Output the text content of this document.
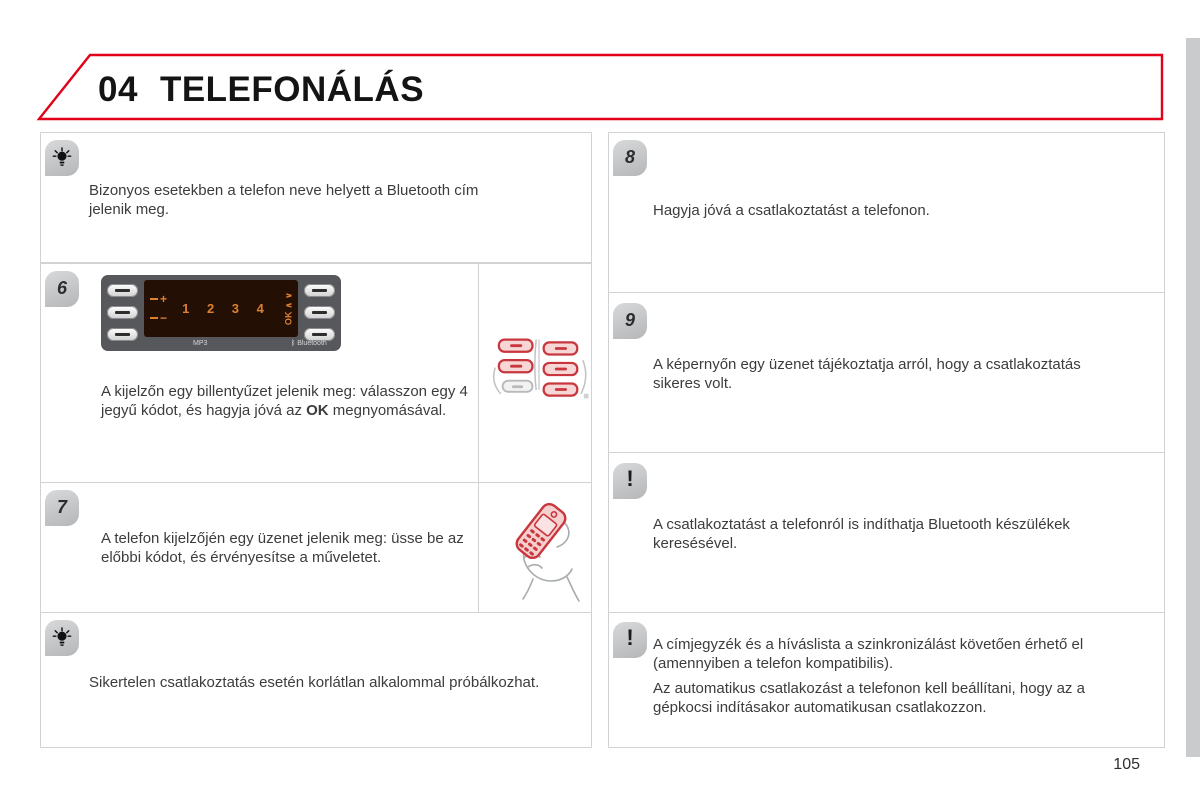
04 TELEFONÁLÁS
Bizonyos esetekben a telefon neve helyett a Bluetooth cím jelenik meg.
6
+
−
1 2 3 4	OK ∧ ∨
MP3	ᛒ Bluetooth
A kijelzőn egy billentyűzet jelenik meg: válasszon egy 4 jegyű kódot, és hagyja jóvá az OK megnyomásával.
7
A telefon kijelzőjén egy üzenet jelenik meg: üsse be az előbbi kódot, és érvényesítse a műveletet.
Sikertelen csatlakoztatás esetén korlátlan alkalommal próbálkozhat.
8
Hagyja jóvá a csatlakoztatást a telefonon.
9
A képernyőn egy üzenet tájékoztatja arról, hogy a csatlakoztatás sikeres volt.
!
A csatlakoztatást a telefonról is indíthatja Bluetooth készülékek keresésével.
! A címjegyzék és a híváslista a szinkronizálást követően érhető el (amennyiben a telefon kompatibilis).

Az automatikus csatlakozást a telefonon kell beállítani, hogy az a gépkocsi indításakor automatikusan csatlakozzon.

105
